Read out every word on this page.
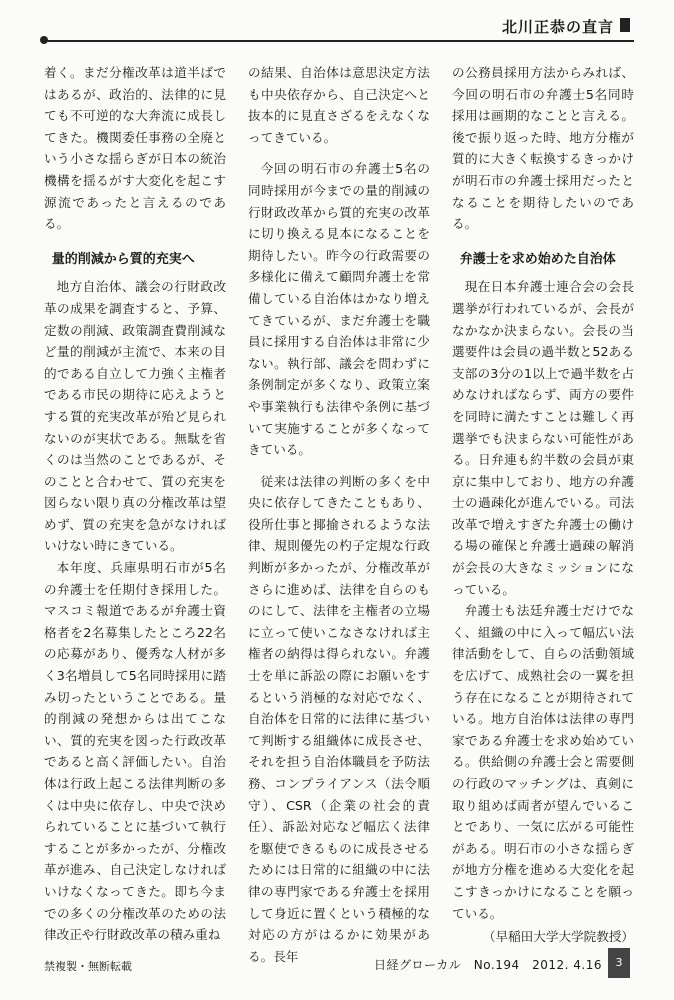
北川正恭の直言

着く。まだ分権改革は道半ばではあるが、政治的、法律的に見ても不可逆的な大奔流に成長してきた。機関委任事務の全廃という小さな揺らぎが日本の統治機構を揺るがす大変化を起こす源流であったと言えるのである。

量的削減から質的充実へ

地方自治体、議会の行財政改革の成果を調査すると、予算、定数の削減、政策調査費削減など量的削減が主流で、本来の目的である自立して力強く主権者である市民の期待に応えようとする質的充実改革が殆ど見られないのが実状である。無駄を省くのは当然のことであるが、そのことと合わせて、質の充実を図らない限り真の分権改革は望めず、質の充実を急がなければいけない時にきている。

本年度、兵庫県明石市が5名の弁護士を任期付き採用した。マスコミ報道であるが弁護士資格者を2名募集したところ22名の応募があり、優秀な人材が多く3名増員して5名同時採用に踏み切ったということである。量的削減の発想からは出てこない、質的充実を図った行政改革であると高く評価したい。自治体は行政上起こる法律判断の多くは中央に依存し、中央で決められていることに基づいて執行することが多かったが、分権改革が進み、自己決定しなければいけなくなってきた。即ち今までの多くの分権改革のための法律改正や行財政改革の積み重ね

の結果、自治体は意思決定方法も中央依存から、自己決定へと抜本的に見直さざるをえなくなってきている。

今回の明石市の弁護士5名の同時採用が今までの量的削減の行財政改革から質的充実の改革に切り換える見本になることを期待したい。昨今の行政需要の多様化に備えて顧問弁護士を常備している自治体はかなり増えてきているが、まだ弁護士を職員に採用する自治体は非常に少ない。執行部、議会を問わずに条例制定が多くなり、政策立案や事業執行も法律や条例に基づいて実施することが多くなってきている。

従来は法律の判断の多くを中央に依存してきたこともあり、役所仕事と揶揄されるような法律、規則優先の杓子定規な行政判断が多かったが、分権改革がさらに進めば、法律を自らのものにして、法律を主権者の立場に立って使いこなさなければ主権者の納得は得られない。弁護士を単に訴訟の際にお願いをするという消極的な対応でなく、自治体を日常的に法律に基づいて判断する組織体に成長させ、それを担う自治体職員を予防法務、コンプライアンス（法令順守）、CSR（企業の社会的責任）、訴訟対応など幅広く法律を駆使できるものに成長させるためには日常的に組織の中に法律の専門家である弁護士を採用して身近に置くという積極的な対応の方がはるかに効果がある。長年

の公務員採用方法からみれば、今回の明石市の弁護士5名同時採用は画期的なことと言える。後で振り返った時、地方分権が質的に大きく転換するきっかけが明石市の弁護士採用だったとなることを期待したいのである。

弁護士を求め始めた自治体

現在日本弁護士連合会の会長選挙が行われているが、会長がなかなか決まらない。会長の当選要件は会員の過半数と52ある支部の3分の1以上で過半数を占めなければならず、両方の要件を同時に満たすことは難しく再選挙でも決まらない可能性がある。日弁連も約半数の会員が東京に集中しており、地方の弁護士の過疎化が進んでいる。司法改革で増えすぎた弁護士の働ける場の確保と弁護士過疎の解消が会長の大きなミッションになっている。

弁護士も法廷弁護士だけでなく、組織の中に入って幅広い法律活動をして、自らの活動領域を広げて、成熟社会の一翼を担う存在になることが期待されている。地方自治体は法律の専門家である弁護士を求め始めている。供給側の弁護士会と需要側の行政のマッチングは、真剣に取り組めば両者が望んでいることであり、一気に広がる可能性がある。明石市の小さな揺らぎが地方分権を進める大変化を起こすきっかけになることを願っている。

（早稲田大学大学院教授）
禁複製・無断転載	日経グローカル　No.194　2012. 4.16	3
